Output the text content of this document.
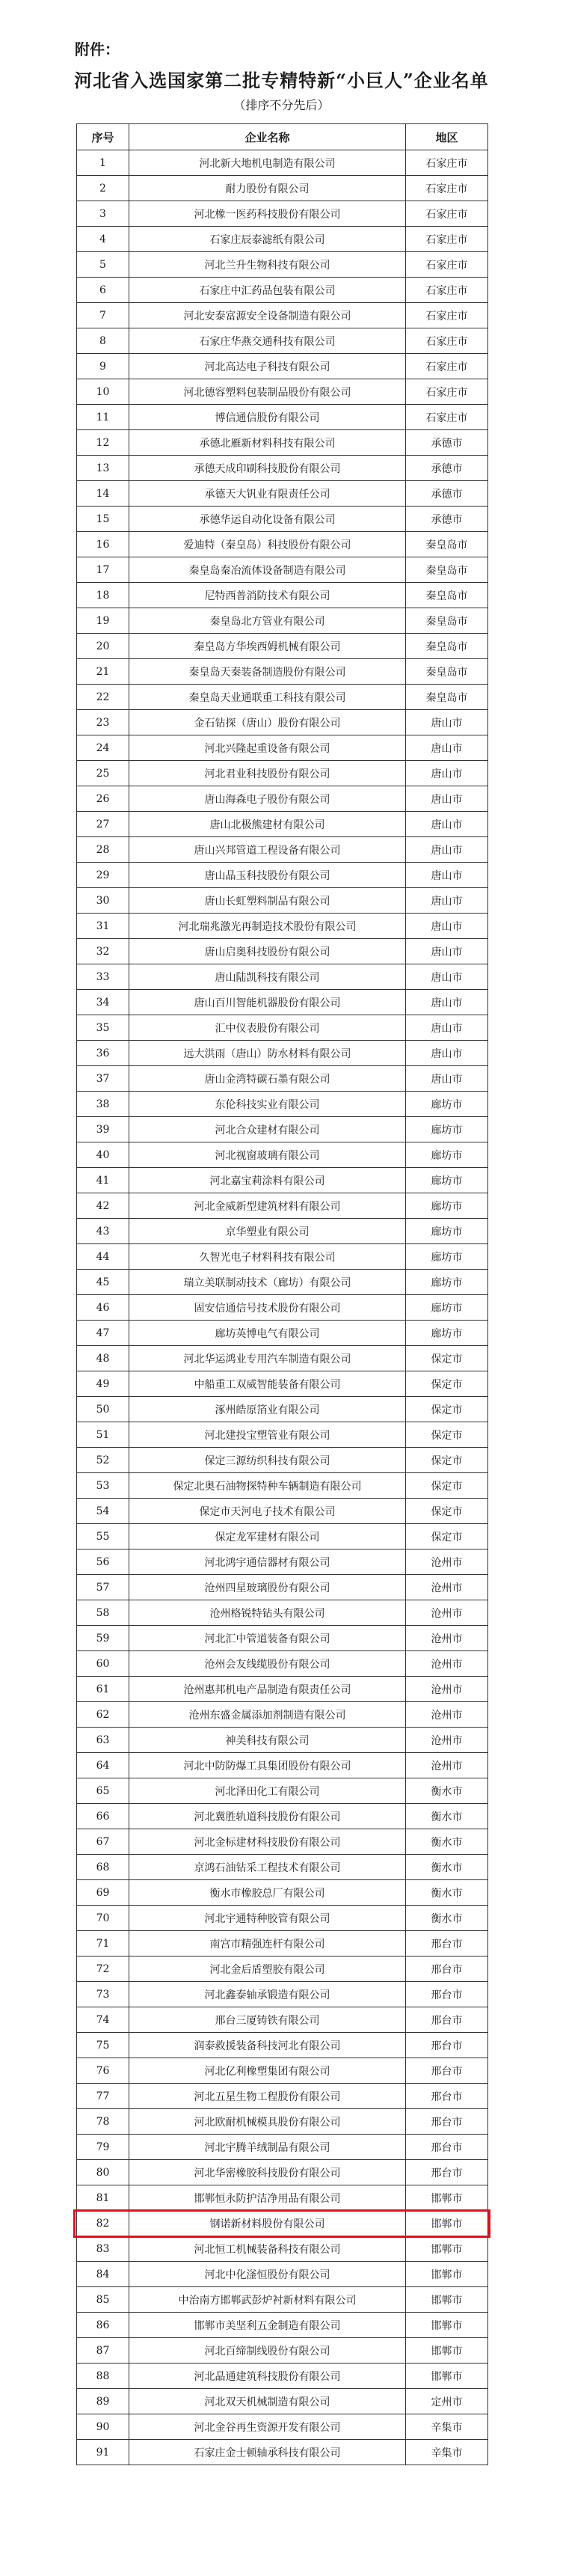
附件：
河北省入选国家第二批专精特新“小巨人”企业名单
（排序不分先后）
序号	企业名称	地区
1	河北新大地机电制造有限公司	石家庄市
2	耐力股份有限公司	石家庄市
3	河北橡一医药科技股份有限公司	石家庄市
4	石家庄辰泰滤纸有限公司	石家庄市
5	河北兰升生物科技有限公司	石家庄市
6	石家庄中汇药品包装有限公司	石家庄市
7	河北安泰富源安全设备制造有限公司	石家庄市
8	石家庄华燕交通科技有限公司	石家庄市
9	河北高达电子科技有限公司	石家庄市
10	河北德容塑料包装制品股份有限公司	石家庄市
11	博信通信股份有限公司	石家庄市
12	承德北雁新材料科技有限公司	承德市
13	承德天成印刷科技股份有限公司	承德市
14	承德天大钒业有限责任公司	承德市
15	承德华运自动化设备有限公司	承德市
16	爱迪特（秦皇岛）科技股份有限公司	秦皇岛市
17	秦皇岛秦冶流体设备制造有限公司	秦皇岛市
18	尼特西普消防技术有限公司	秦皇岛市
19	秦皇岛北方管业有限公司	秦皇岛市
20	秦皇岛方华埃西姆机械有限公司	秦皇岛市
21	秦皇岛天秦装备制造股份有限公司	秦皇岛市
22	秦皇岛天业通联重工科技有限公司	秦皇岛市
23	金石钻探（唐山）股份有限公司	唐山市
24	河北兴隆起重设备有限公司	唐山市
25	河北君业科技股份有限公司	唐山市
26	唐山海森电子股份有限公司	唐山市
27	唐山北极熊建材有限公司	唐山市
28	唐山兴邦管道工程设备有限公司	唐山市
29	唐山晶玉科技股份有限公司	唐山市
30	唐山长虹塑料制品有限公司	唐山市
31	河北瑞兆激光再制造技术股份有限公司	唐山市
32	唐山启奥科技股份有限公司	唐山市
33	唐山陆凯科技有限公司	唐山市
34	唐山百川智能机器股份有限公司	唐山市
35	汇中仪表股份有限公司	唐山市
36	远大洪雨（唐山）防水材料有限公司	唐山市
37	唐山金湾特碳石墨有限公司	唐山市
38	东伦科技实业有限公司	廊坊市
39	河北合众建材有限公司	廊坊市
40	河北视窗玻璃有限公司	廊坊市
41	河北嘉宝莉涂料有限公司	廊坊市
42	河北金威新型建筑材料有限公司	廊坊市
43	京华塑业有限公司	廊坊市
44	久智光电子材料科技有限公司	廊坊市
45	瑞立美联制动技术（廊坊）有限公司	廊坊市
46	固安信通信号技术股份有限公司	廊坊市
47	廊坊英博电气有限公司	廊坊市
48	河北华运鸿业专用汽车制造有限公司	保定市
49	中船重工双威智能装备有限公司	保定市
50	涿州皓原箔业有限公司	保定市
51	河北建投宝塑管业有限公司	保定市
52	保定三源纺织科技有限公司	保定市
53	保定北奥石油物探特种车辆制造有限公司	保定市
54	保定市天河电子技术有限公司	保定市
55	保定龙军建材有限公司	保定市
56	河北鸿宇通信器材有限公司	沧州市
57	沧州四星玻璃股份有限公司	沧州市
58	沧州格锐特钻头有限公司	沧州市
59	河北汇中管道装备有限公司	沧州市
60	沧州会友线缆股份有限公司	沧州市
61	沧州惠邦机电产品制造有限责任公司	沧州市
62	沧州东盛金属添加剂制造有限公司	沧州市
63	神美科技有限公司	沧州市
64	河北中防防爆工具集团股份有限公司	沧州市
65	河北泽田化工有限公司	衡水市
66	河北冀胜轨道科技股份有限公司	衡水市
67	河北金标建材科技股份有限公司	衡水市
68	京鸿石油钻采工程技术有限公司	衡水市
69	衡水市橡胶总厂有限公司	衡水市
70	河北宇通特种胶管有限公司	衡水市
71	南宫市精强连杆有限公司	邢台市
72	河北金后盾塑胶有限公司	邢台市
73	河北鑫泰轴承锻造有限公司	邢台市
74	邢台三厦铸铁有限公司	邢台市
75	润泰救援装备科技河北有限公司	邢台市
76	河北亿利橡塑集团有限公司	邢台市
77	河北五星生物工程股份有限公司	邢台市
78	河北欧耐机械模具股份有限公司	邢台市
79	河北宇腾羊绒制品有限公司	邢台市
80	河北华密橡胶科技股份有限公司	邢台市
81	邯郸恒永防护洁净用品有限公司	邯郸市
82	钢诺新材料股份有限公司	邯郸市
83	河北恒工机械装备科技有限公司	邯郸市
84	河北中化滏恒股份有限公司	邯郸市
85	中治南方邯郸武彭炉衬新材料有限公司	邯郸市
86	邯郸市美坚利五金制造有限公司	邯郸市
87	河北百缔制线股份有限公司	邯郸市
88	河北晶通建筑科技股份有限公司	邯郸市
89	河北双天机械制造有限公司	定州市
90	河北金谷再生资源开发有限公司	辛集市
91	石家庄金士顿轴承科技有限公司	辛集市
